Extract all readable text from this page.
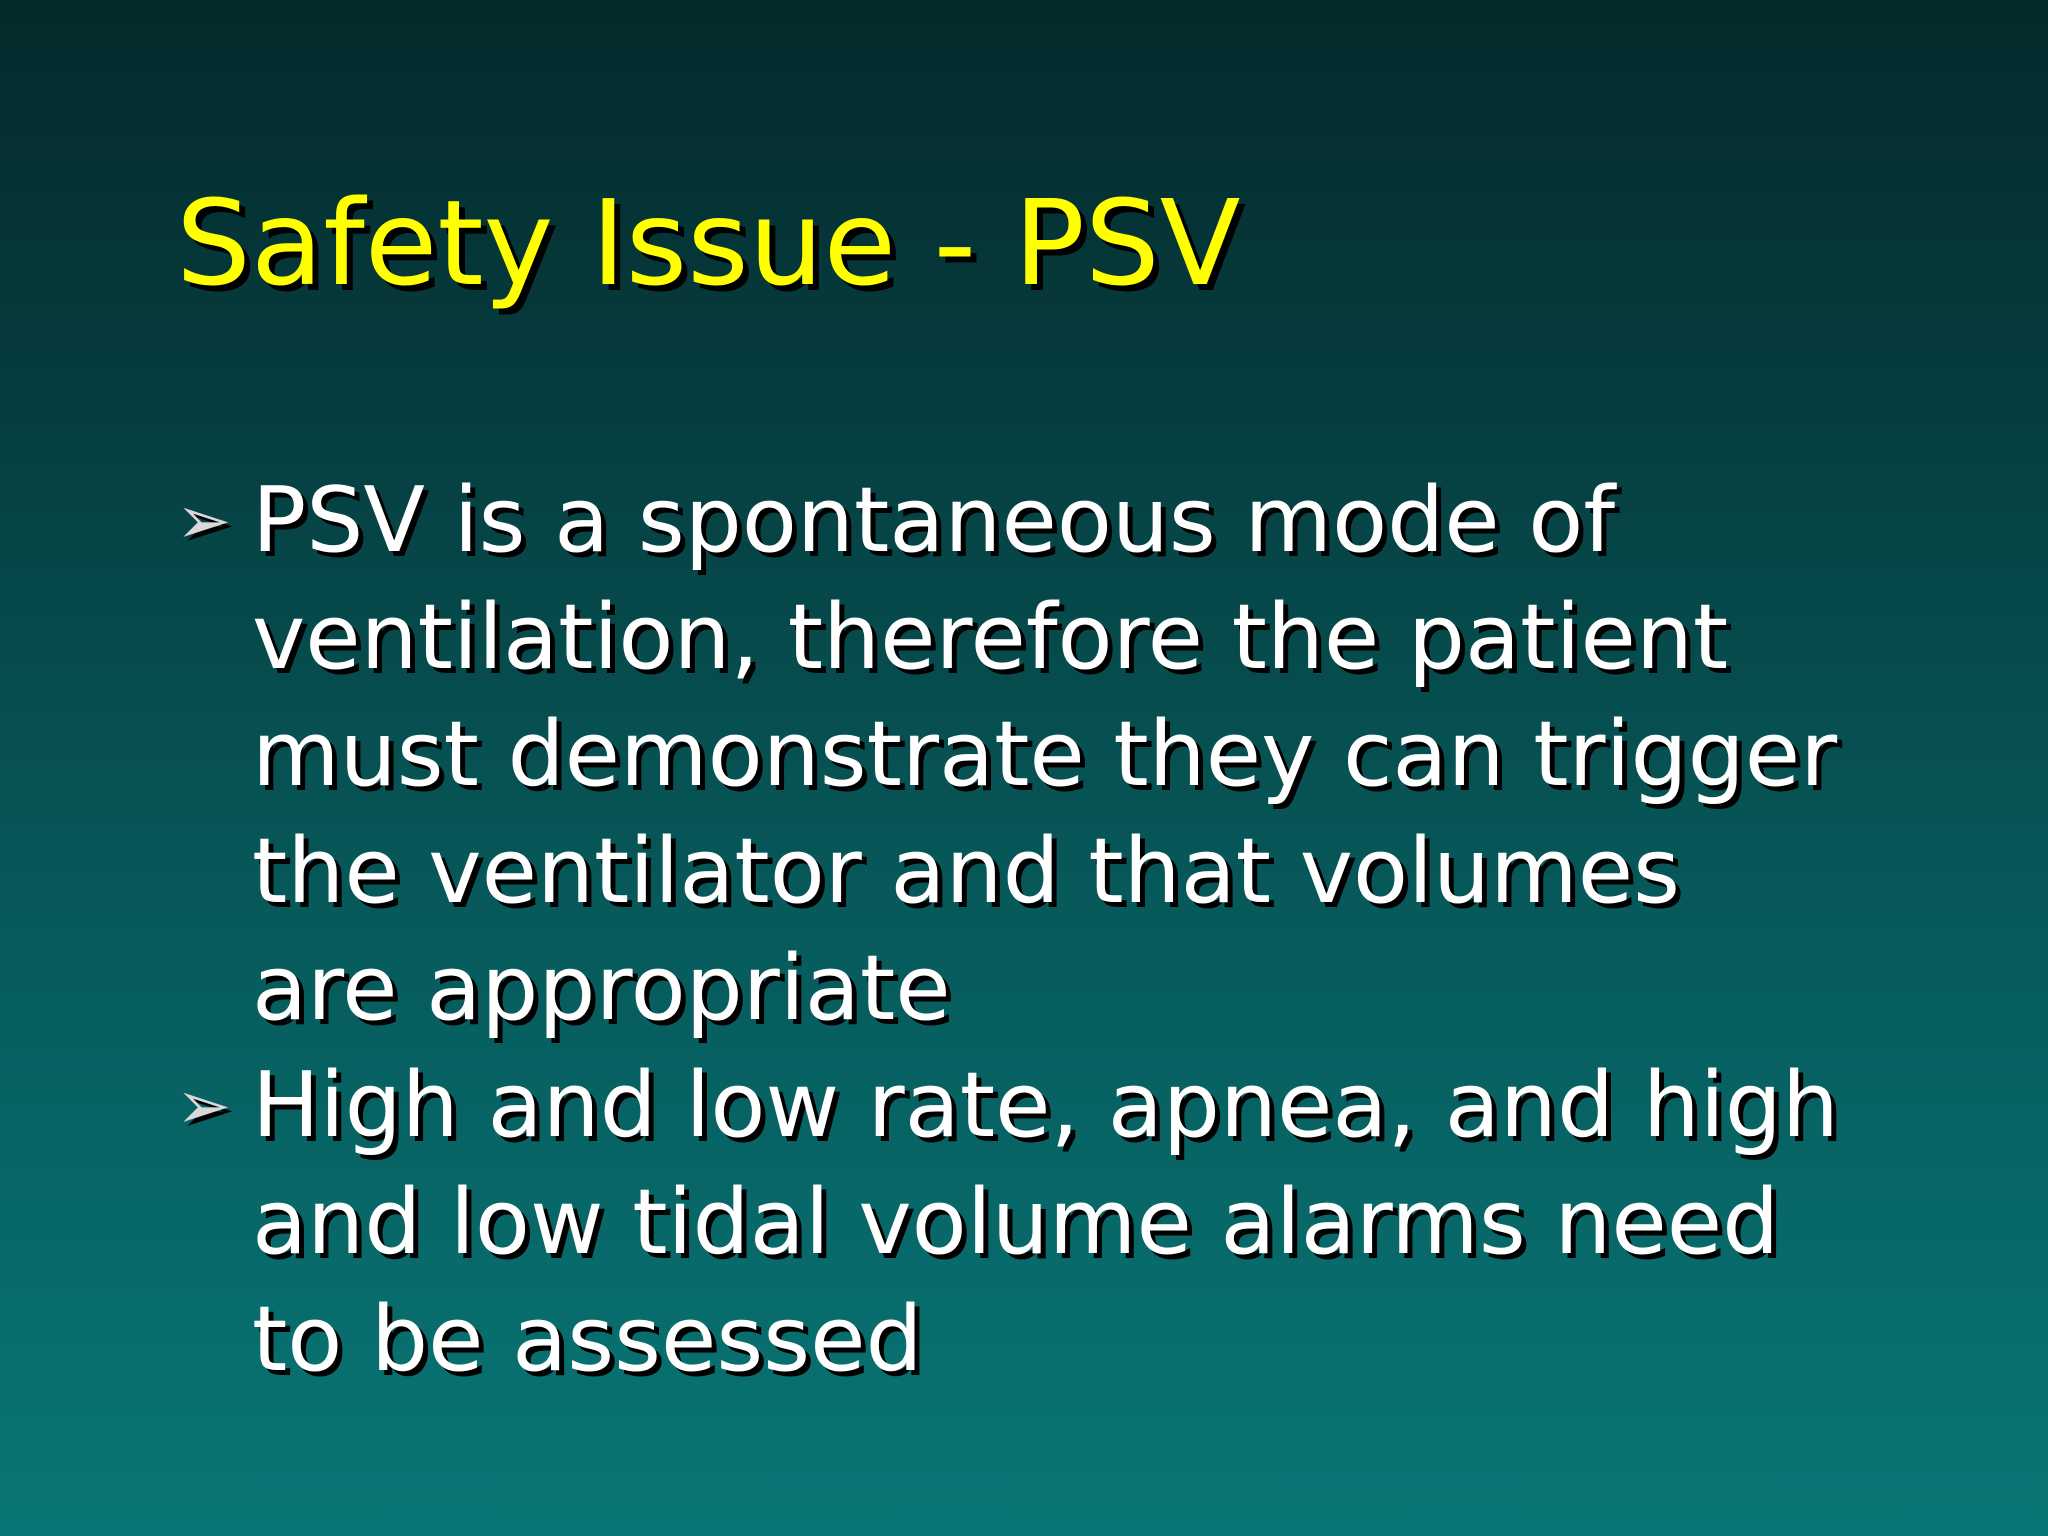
Safety Issue - PSV
➢ PSV is a spontaneous mode of ventilation, therefore the patient must demonstrate they can trigger the ventilator and that volumes are appropriate
➢ High and low rate, apnea, and high and low tidal volume alarms need to be assessed
